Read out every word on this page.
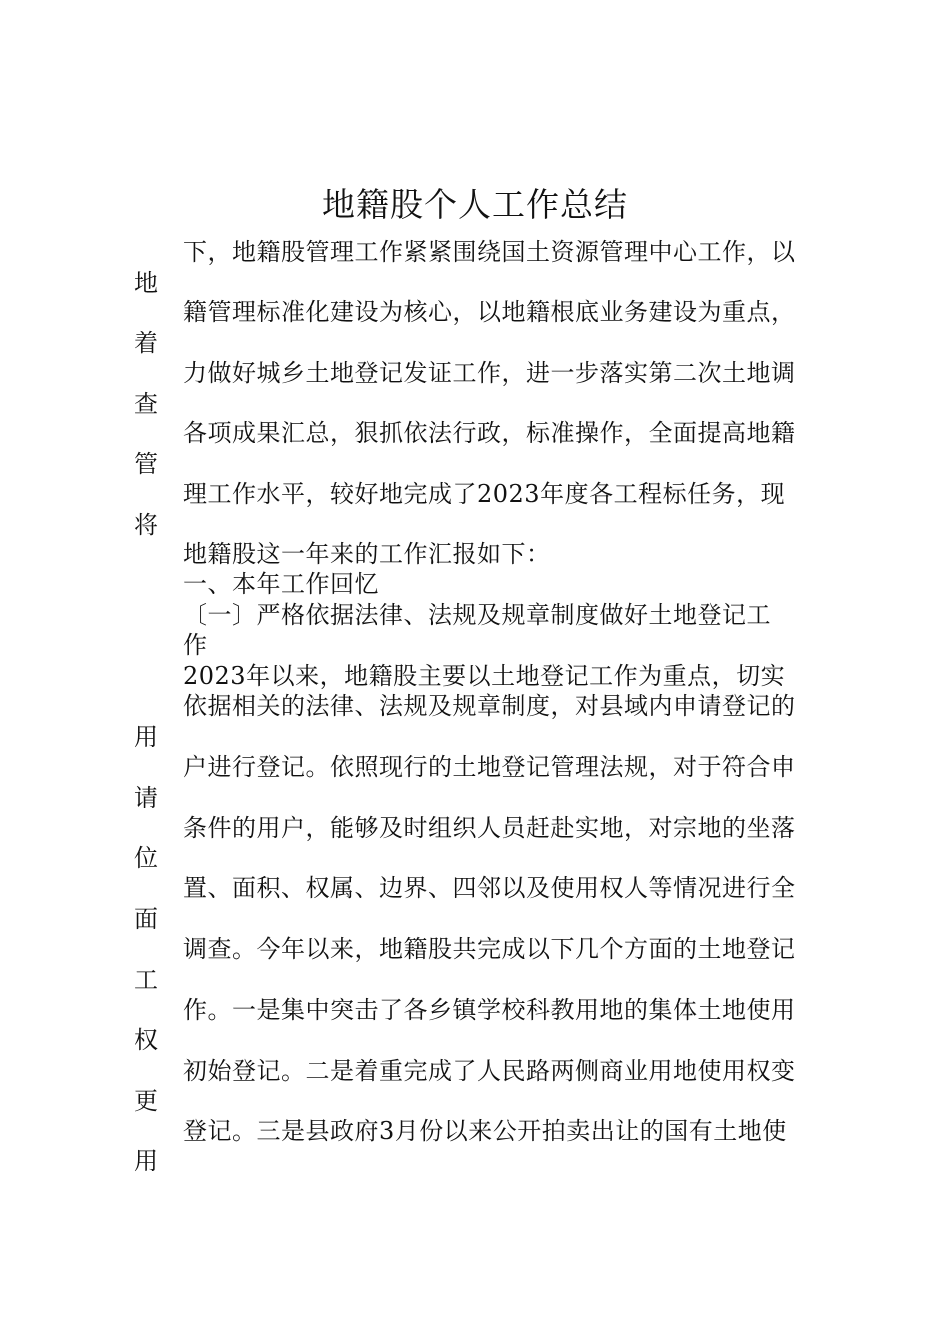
地籍股个人工作总结
下，地籍股管理工作紧紧围绕国土资源管理中心工作，以
籍管理标准化建设为核心，以地籍根底业务建设为重点，
力做好城乡土地登记发证工作，进一步落实第二次土地调
各项成果汇总，狠抓依法行政，标准操作，全面提高地籍
理工作水平，较好地完成了2023年度各工程标任务，现
地籍股这一年来的工作汇报如下：
一、本年工作回忆
〔一〕严格依据法律、法规及规章制度做好土地登记工
作
2023年以来，地籍股主要以土地登记工作为重点，切实
依据相关的法律、法规及规章制度，对县域内申请登记的
户进行登记。依照现行的土地登记管理法规，对于符合申
条件的用户，能够及时组织人员赶赴实地，对宗地的坐落
置、面积、权属、边界、四邻以及使用权人等情况进行全
调查。今年以来，地籍股共完成以下几个方面的土地登记
作。一是集中突击了各乡镇学校科教用地的集体土地使用
初始登记。二是着重完成了人民路两侧商业用地使用权变
登记。三是县政府3月份以来公开拍卖出让的国有土地使
地
着
查
管
将
用
请
位
面
工
权
更
用
